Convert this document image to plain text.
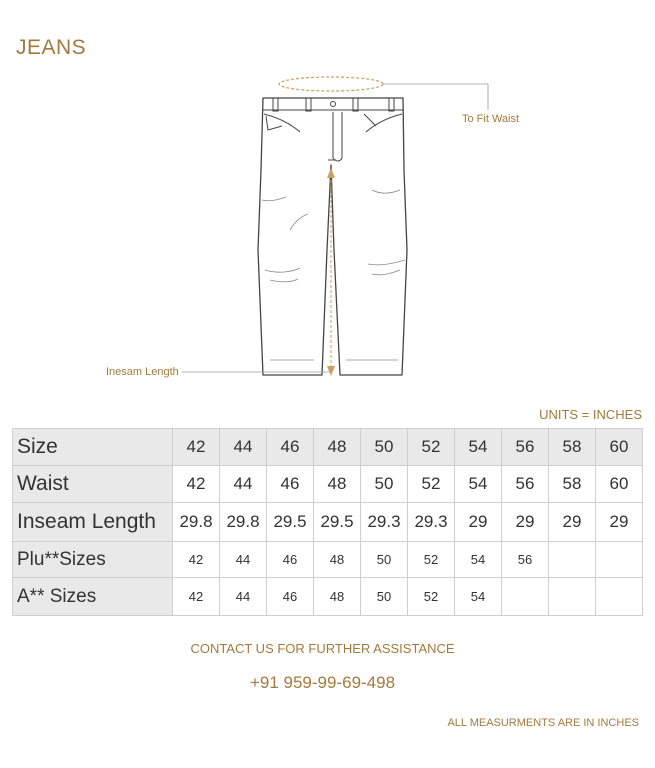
JEANS
To Fit Waist
Inesam Length
UNITS = INCHES
Size	42	44	46	48	50	52	54	56	58	60
Waist	42	44	46	48	50	52	54	56	58	60
Inseam Length	29.8	29.8	29.5	29.5	29.3	29.3	29	29	29	29
Plu**Sizes	42	44	46	48	50	52	54	56		
A** Sizes	42	44	46	48	50	52	54			
CONTACT US FOR FURTHER ASSISTANCE
+91 959-99-69-498
ALL MEASURMENTS ARE IN INCHES
